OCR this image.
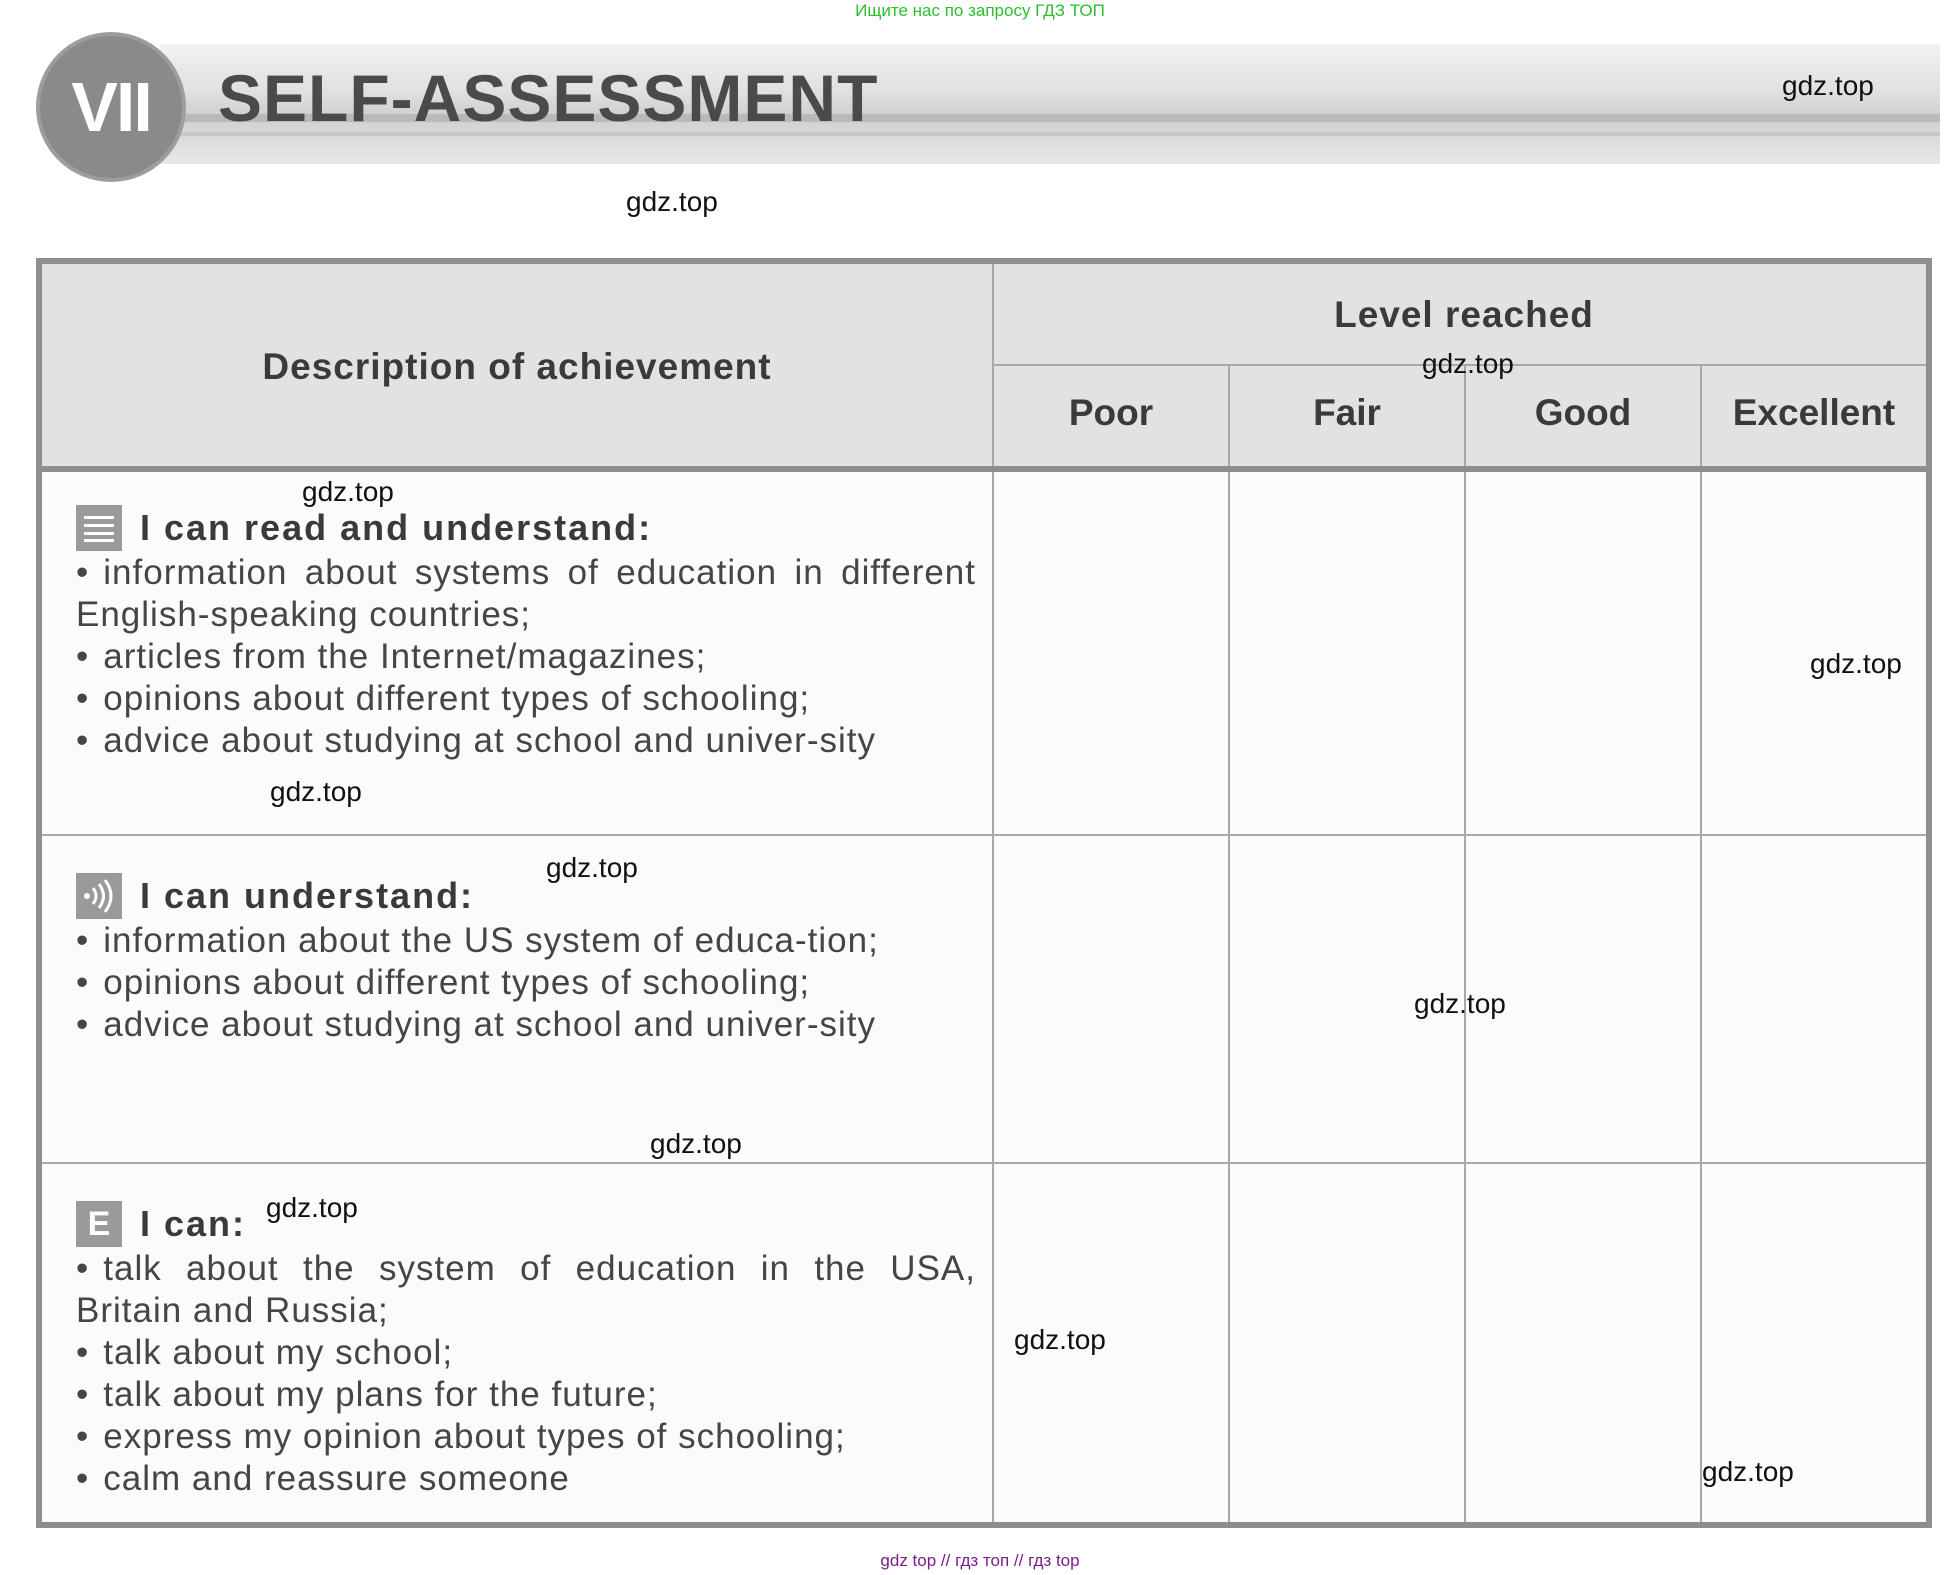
Ищите нас по запросу ГДЗ ТОП
VII	SELF-ASSESSMENT
Description of achievement
Level reached
Poor	Fair	Good	Excellent
I can read and understand:
• information about systems of education in different English-speaking countries;
• articles from the Internet/magazines;
• opinions about different types of schooling;
• advice about studying at school and univer-sity
I can understand:
• information about the US system of educa-tion;
• opinions about different types of schooling;
• advice about studying at school and univer-sity
E I can:
• talk about the system of education in the USA, Britain and Russia;
• talk about my school;
• talk about my plans for the future;
• express my opinion about types of schooling;
• calm and reassure someone
gdz.top
gdz.top
gdz.top
gdz.top
gdz.top
gdz.top
gdz.top
gdz.top
gdz.top
gdz.top
gdz.top
gdz.top
gdz top // гдз топ // гдз top
